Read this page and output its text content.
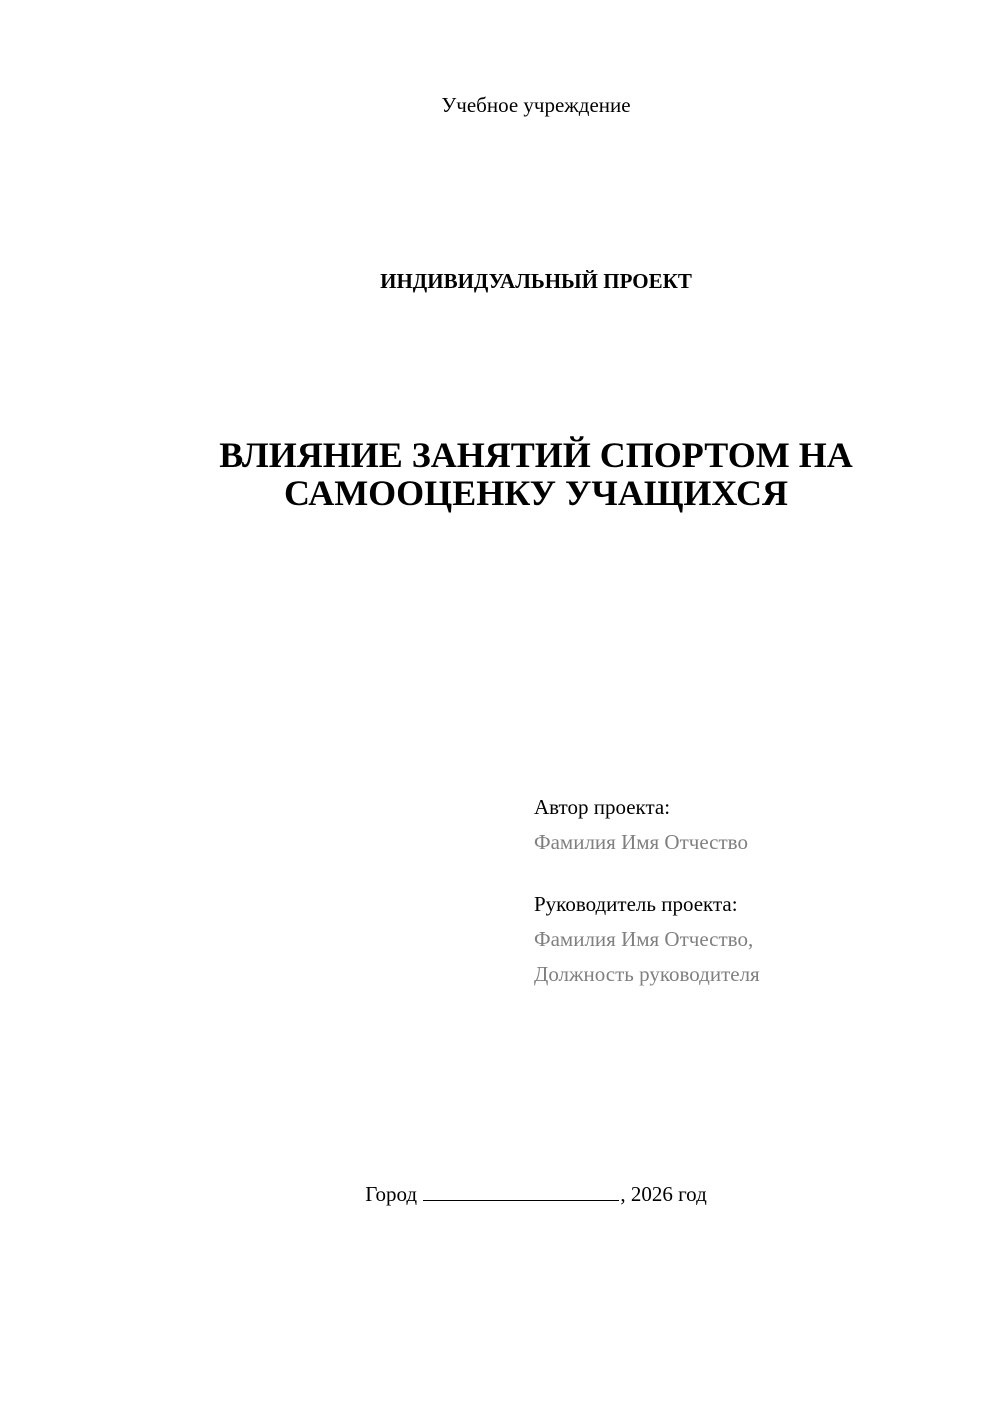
Учебное учреждение
ИНДИВИДУАЛЬНЫЙ ПРОЕКТ
ВЛИЯНИЕ ЗАНЯТИЙ СПОРТОМ НА
САМООЦЕНКУ УЧАЩИХСЯ
Автор проекта:
Фамилия Имя Отчество
Руководитель проекта:
Фамилия Имя Отчество,
Должность руководителя
Город	, 2026 год
